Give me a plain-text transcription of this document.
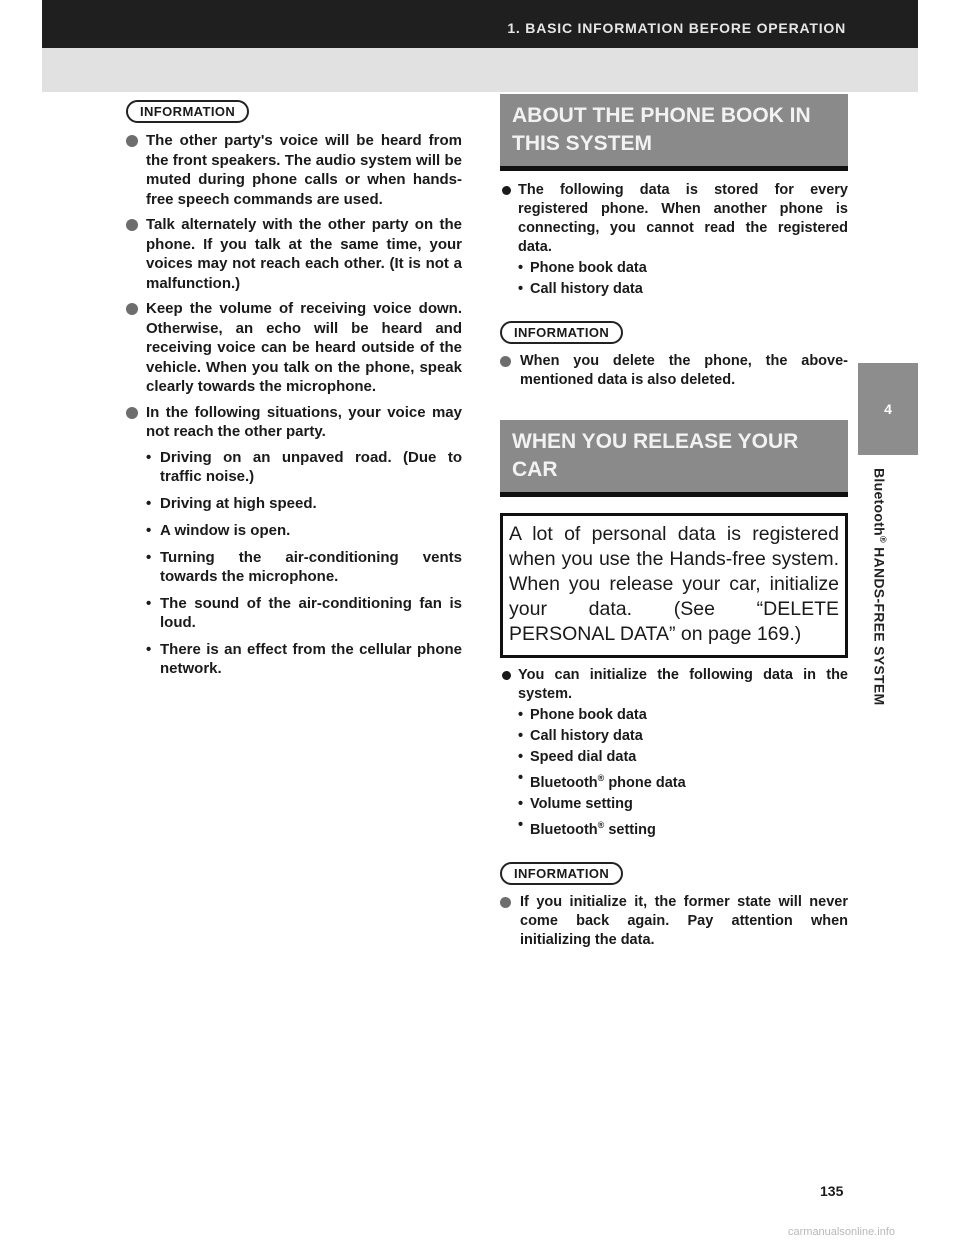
1. BASIC INFORMATION BEFORE OPERATION
4
Bluetooth® HANDS-FREE SYSTEM
INFORMATION
The other party's voice will be heard from the front speakers. The audio system will be muted during phone calls or when hands-free speech commands are used.
Talk alternately with the other party on the phone. If you talk at the same time, your voices may not reach each other. (It is not a malfunction.)
Keep the volume of receiving voice down. Otherwise, an echo will be heard and receiving voice can be heard outside of the vehicle. When you talk on the phone, speak clearly towards the microphone.
In the following situations, your voice may not reach the other party.
• Driving on an unpaved road. (Due to traffic noise.)
• Driving at high speed.
• A window is open.
• Turning the air-conditioning vents towards the microphone.
• The sound of the air-conditioning fan is loud.
• There is an effect from the cellular phone network.
ABOUT THE PHONE BOOK IN
THIS SYSTEM
The following data is stored for every registered phone. When another phone is connecting, you cannot read the registered data.
• Phone book data
• Call history data
INFORMATION
When you delete the phone, the above-mentioned data is also deleted.
WHEN YOU RELEASE YOUR
CAR
A lot of personal data is registered when you use the Hands-free system. When you release your car, initialize your data. (See “DELETE PERSONAL DATA” on page 169.)
You can initialize the following data in the system.
• Phone book data
• Call history data
• Speed dial data
• Bluetooth® phone data
• Volume setting
• Bluetooth® setting
INFORMATION
If you initialize it, the former state will never come back again. Pay attention when initializing the data.
135
carmanualsonline.info
